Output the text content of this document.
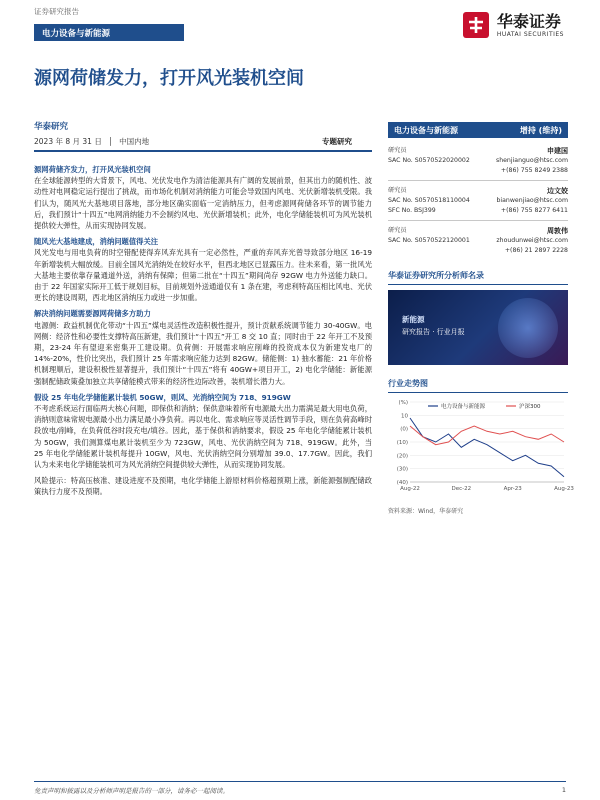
证券研究报告
电力设备与新能源
华泰证券
HUATAI SECURITIES
源网荷储发力，打开风光装机空间
华泰研究
2023 年 8 月 31 日 │ 中国内地	专题研究
源网荷储齐发力，打开风光装机空间

在全球能源转型的大背景下，风电、光伏发电作为清洁能源具有广阔的发展前景，但其出力的随机性、波动性对电网稳定运行提出了挑战，而市场化机制对消纳能力可能会导致国内风电、光伏新增装机受限。我们认为，随风光大基地项目落地，部分地区确实面临一定消纳压力，但考虑源网荷储各环节的调节能力后，我们预计“十四五”电网消纳能力不会制约风电、光伏新增装机；此外，电化学储能装机可为风光装机提供较大弹性，从而实现协同发展。

随风光大基地建成，消纳问题值得关注

风光发电与用电负荷的时空错配使得弃风弃光具有一定必然性，严重的弃风弃光曾导致部分地区 16-19 年新增装机大幅放缓。目前全国风光消纳处在较好水平，但西北地区已显露压力。往未来看，第一批风光大基地主要依靠存量通道外送，消纳有保障；但第二批在“十四五”期间尚存 92GW 电力外送能力缺口。由于 22 年国家实际开工低于规划目标，目前规划外送通道仅有 1 条在建，考虑利特高压相比风电、光伏更长的建设周期，西北地区消纳压力或进一步加重。

解决消纳问题需要源网荷储多方助力

电源侧：政益机制优化带动“十四五”煤电灵活性改造积极性提升，预计贡献系统调节能力 30-40GW。电网侧：经济性和必要性支撑特高压新建，我们预计“十四五”开工 8 交 10 直；同时由于 22 年开工不及预期，23-24 年有望迎来密集开工建设期。负荷侧：开展需求响应削峰的投资成本仅为新建发电厂的 14%-20%，性价比突出，我们预计 25 年需求响应能力达到 82GW。储能侧：1) 抽水蓄能：21 年价格机制理顺后，建设积极性显著提升，我们预计“十四五”将有 40GW+项目开工，2) 电化学储能：新能源强制配储政策叠加独立共享储能模式带来的经济性边际改善，装机增长潜力大。

假设 25 年电化学储能累计装机 50GW，则风、光消纳空间为 718、919GW

不考虑系统运行面临两大核心问题，即保供和消纳；保供意味着所有电源最大出力需满足最大用电负荷，消纳则意味常规电源最小出力满足最小净负荷。再以电化、需求响应等灵活性调节手段，则在负荷高峰时段放电/削峰，在负荷低谷时段充电/填谷。因此，基于保供和消纳要求，假设 25 年电化学储能累计装机为 50GW，我们测算煤电累计装机至少为 723GW，风电、光伏消纳空间为 718、919GW。此外，当 25 年电化学储能累计装机每提升 10GW，风电、光伏消纳空间分别增加 39.0、17.7GW。因此，我们认为未来电化学储能装机可为风光消纳空间提供较大弹性，从而实现协同发展。

风险提示：特高压核准、建设进度不及预期，电化学储能上游原材料价格超预期上涨，新能源强制配储政策执行力度不及预期。

电力设备与新能源	增持 (维持)
研究员	申建国
SAC No. S0570522020002	shenjianguo@htsc.com
+(86) 755 8249 2388
研究员	边文姣
SAC No. S0570518110004	bianwenjiao@htsc.com
SFC No. BSJ399	+(86) 755 8277 6411
研究员	周敦伟
SAC No. S0570522120001	zhoudunwei@htsc.com
+(86) 21 2897 2228
华泰证券研究所分析师名录
新能源
研究报告 · 行业月报
行业走势图
(%)
10
(0)
(10)
(20)
(30)
(40)
Aug-22	Dec-22	Apr-23	Aug-23
电力设备与新能源	沪深300
资料来源：Wind，华泰研究
免责声明和披露以及分析师声明是报告的一部分，请务必一起阅读。	1
